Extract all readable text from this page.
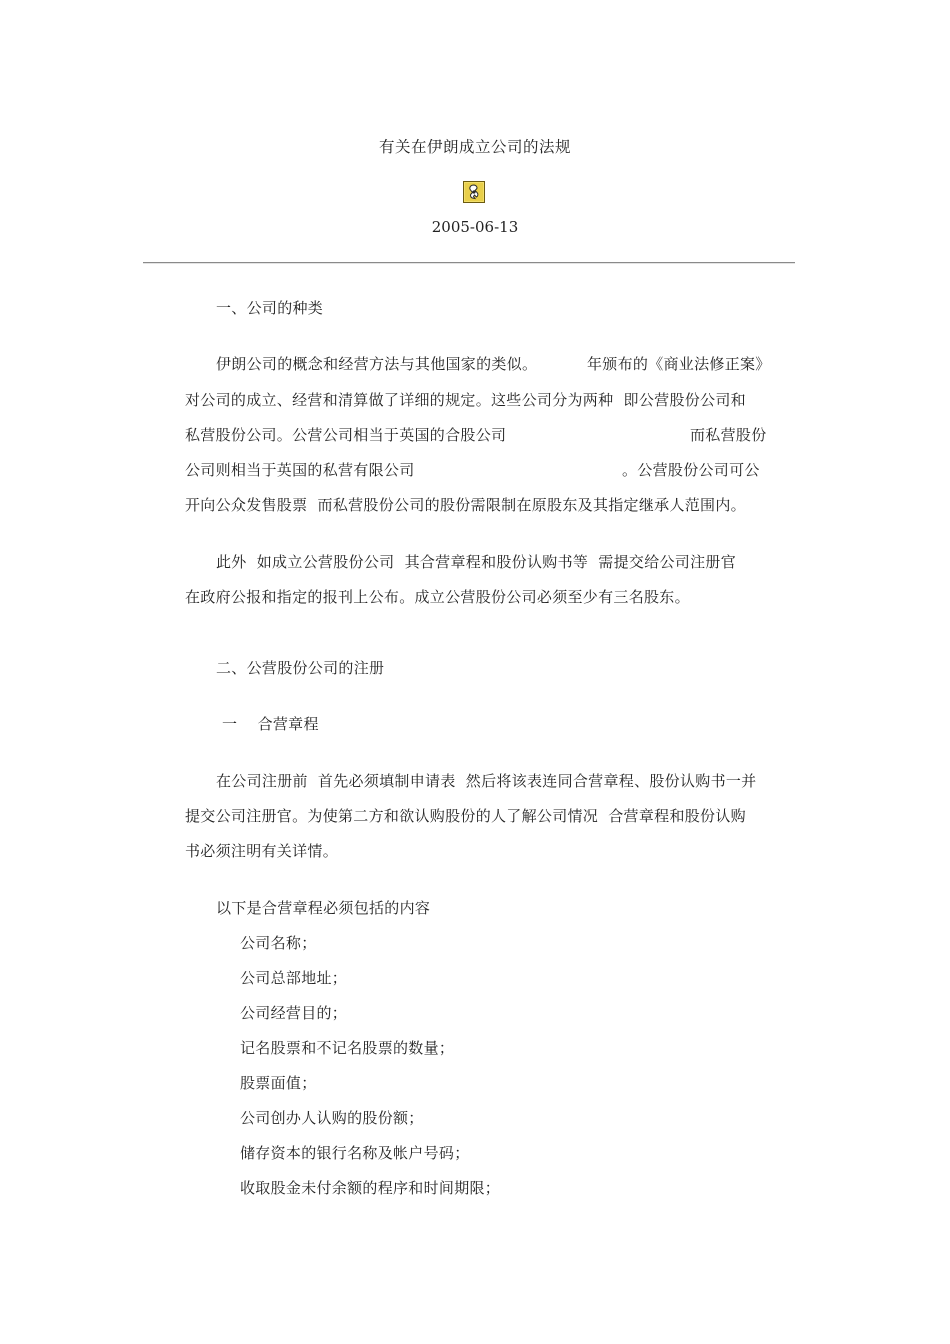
有关在伊朗成立公司的法规
2005-06-13
一、公司的种类
伊朗公司的概念和经营方法与其他国家的类似。	年颁布的《商业法修正案》
对公司的成立、经营和清算做了详细的规定。这些公司分为两种  即公营股份公司和
私营股份公司。公营公司相当于英国的合股公司	而私营股份
公司则相当于英国的私营有限公司	。公营股份公司可公
开向公众发售股票  而私营股份公司的股份需限制在原股东及其指定继承人范围内。
此外  如成立公营股份公司  其合营章程和股份认购书等  需提交给公司注册官
在政府公报和指定的报刊上公布。成立公营股份公司必须至少有三名股东。
二、公营股份公司的注册
一    合营章程
在公司注册前  首先必须填制申请表  然后将该表连同合营章程、股份认购书一并
提交公司注册官。为使第二方和欲认购股份的人了解公司情况  合营章程和股份认购
书必须注明有关详情。
以下是合营章程必须包括的内容
公司名称；
公司总部地址；
公司经营目的；
记名股票和不记名股票的数量；
股票面值；
公司创办人认购的股份额；
储存资本的银行名称及帐户号码；
收取股金未付余额的程序和时间期限；
